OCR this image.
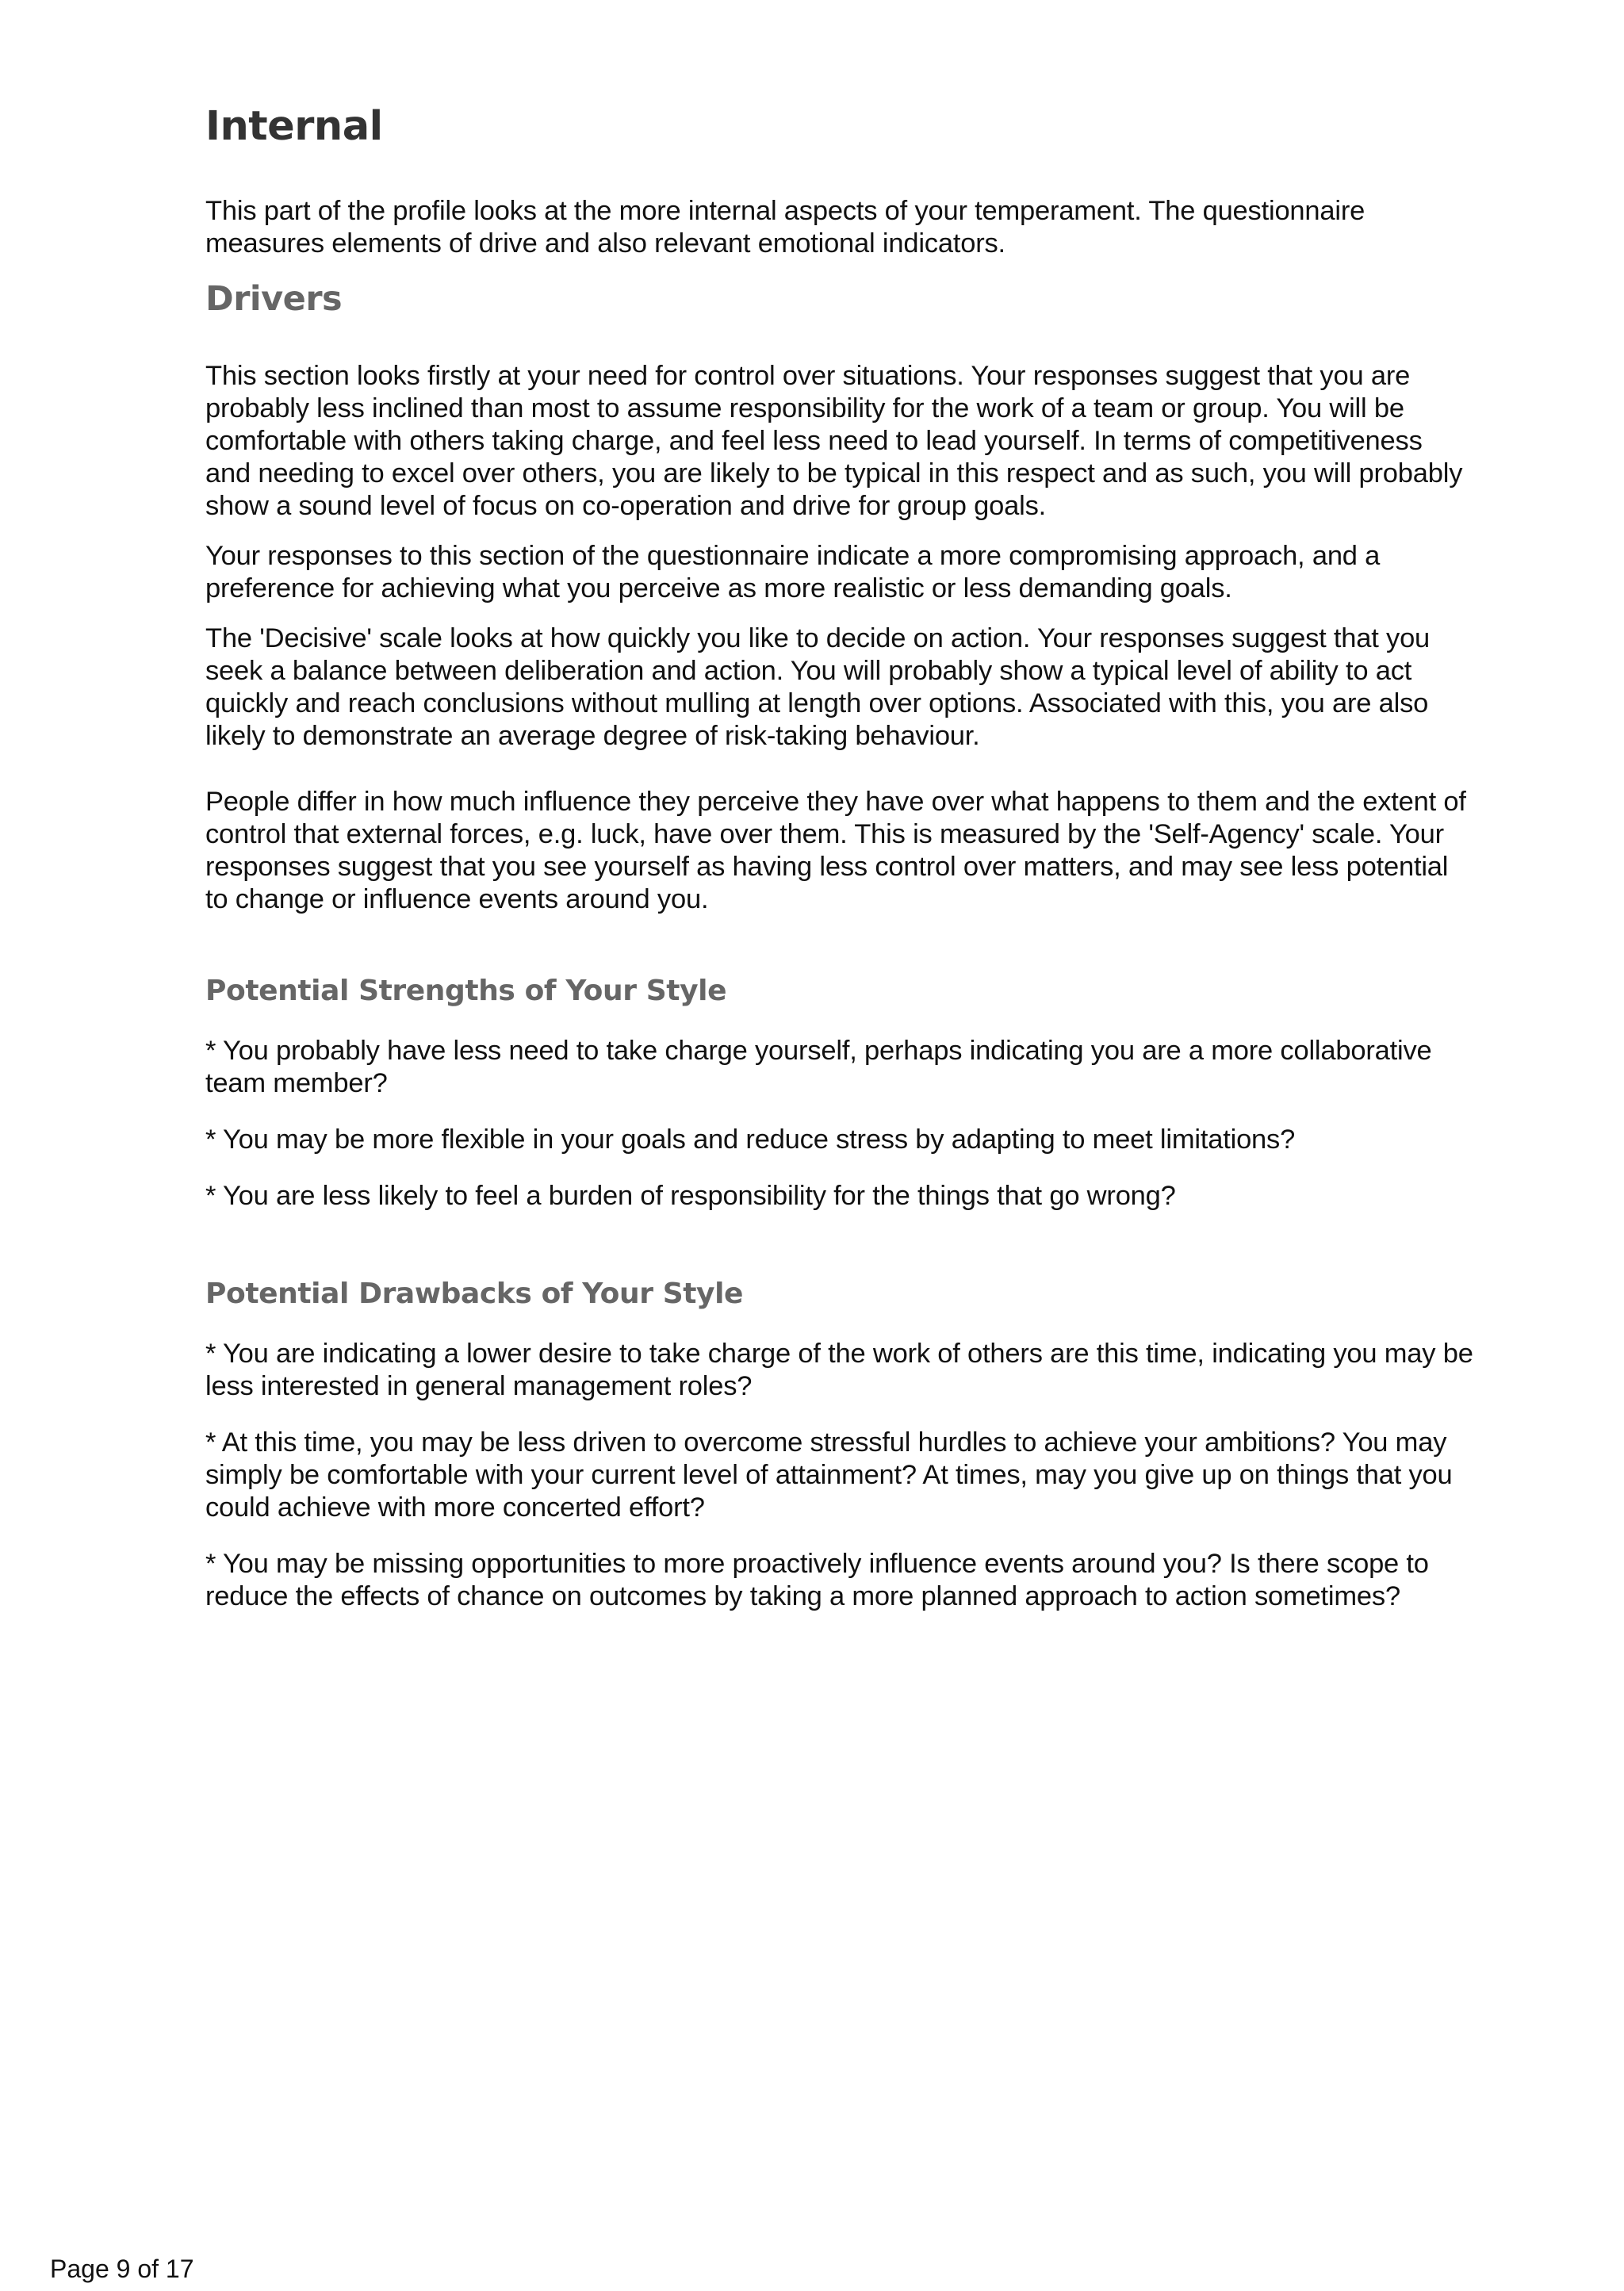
Internal

This part of the profile looks at the more internal aspects of your temperament. The questionnaire measures elements of drive and also relevant emotional indicators.

Drivers

This section looks firstly at your need for control over situations. Your responses suggest that you are probably less inclined than most to assume responsibility for the work of a team or group. You will be comfortable with others taking charge, and feel less need to lead yourself. In terms of competitiveness and needing to excel over others, you are likely to be typical in this respect and as such, you will probably show a sound level of focus on co-operation and drive for group goals.

Your responses to this section of the questionnaire indicate a more compromising approach, and a preference for achieving what you perceive as more realistic or less demanding goals.

The 'Decisive' scale looks at how quickly you like to decide on action. Your responses suggest that you seek a balance between deliberation and action. You will probably show a typical level of ability to act quickly and reach conclusions without mulling at length over options. Associated with this, you are also likely to demonstrate an average degree of risk-taking behaviour.

People differ in how much influence they perceive they have over what happens to them and the extent of control that external forces, e.g. luck, have over them. This is measured by the 'Self-Agency' scale. Your responses suggest that you see yourself as having less control over matters, and may see less potential to change or influence events around you.

Potential Strengths of Your Style

* You probably have less need to take charge yourself, perhaps indicating you are a more collaborative team member?

* You may be more flexible in your goals and reduce stress by adapting to meet limitations?

* You are less likely to feel a burden of responsibility for the things that go wrong?

Potential Drawbacks of Your Style

* You are indicating a lower desire to take charge of the work of others are this time, indicating you may be less interested in general management roles?

* At this time, you may be less driven to overcome stressful hurdles to achieve your ambitions? You may simply be comfortable with your current level of attainment? At times, may you give up on things that you could achieve with more concerted effort?

* You may be missing opportunities to more proactively influence events around you? Is there scope to reduce the effects of chance on outcomes by taking a more planned approach to action sometimes?

Page 9 of 17
